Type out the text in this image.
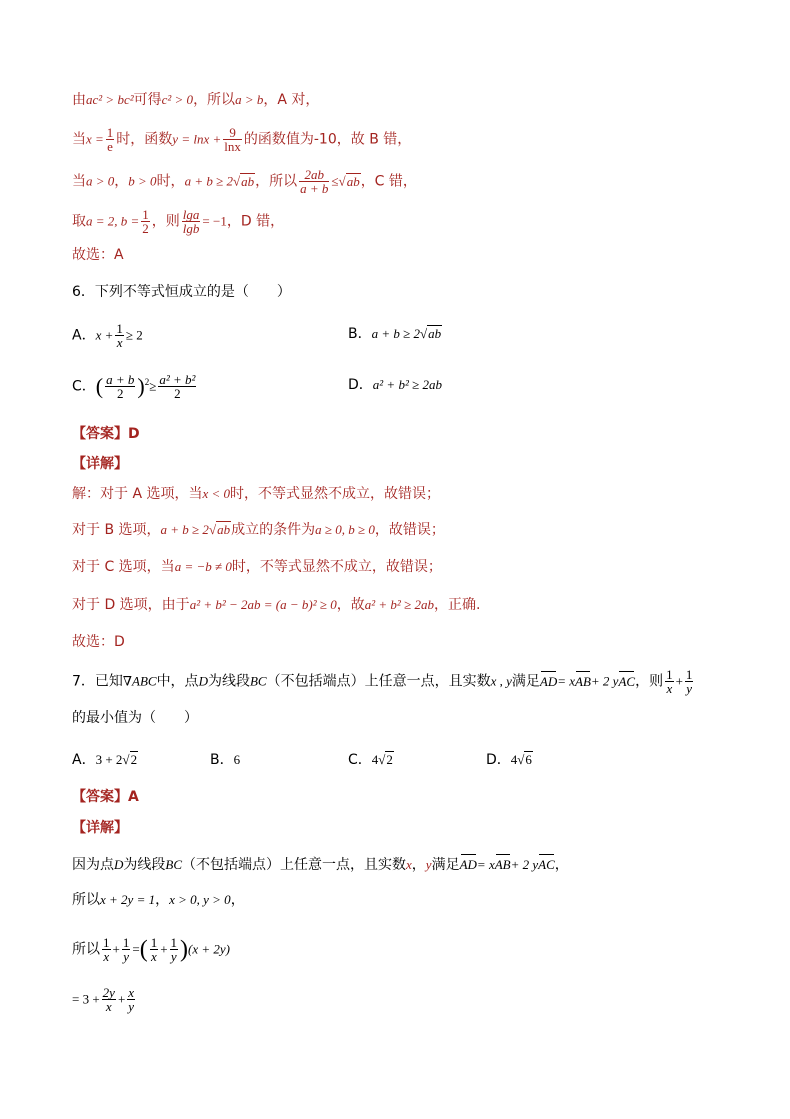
由ac² > bc²可得c² > 0，所以a > b，A 对，
当$x = \frac{1}{e}$ 时，函数$y = \ln x + \frac{9}{\ln x}$ 的函数值为-10，故 B 错，
当a > 0，b > 0时，a + b ≥ 2√ab，所以 $\frac{2ab}{a + b} \le√ab$，C 错，
取a = 2, $b = \frac{1}{2}$ ，则 $\frac{\lg a}{\lg b} = -1$，D 错，
故选：A
6．下列不等式恒成立的是（　　）
A．$x + \frac{1}{x} \ge 2$	B．a + b ≥ 2√ab
C．( $\frac{a + b}{2} )^2\ge \frac{\text{a² + b²}}{2}$	D．a² + b² ≥ 2ab
【答案】D
【详解】
解：对于 A 选项，当x < 0时，不等式显然不成立，故错误；
对于 B 选项，a + b ≥ 2√ab成立的条件为a ≥ 0, b ≥ 0，故错误；
对于 C 选项，当a = −b ≠ 0时，不等式显然不成立，故错误；
对于 D 选项，由于a² + b² − 2ab = (a − b)² ≥ 0，故a² + b² ≥ 2ab，正确.
故选：D
7．已知∇ABC中，点D为线段BC（不包括端点）上任意一点，且实数x , y满足AD= xAB+ 2 yAC，则 $\frac{1}{x} + \frac{1}{y}$
的最小值为（　　）
A．3 + 2√2	B．6	C．4√2	D．4√6
【答案】A
【详解】
因为点D为线段BC（不包括端点）上任意一点，且实数x，y满足AD= xAB+ 2 yAC，
所以x + 2y = 1，x > 0, y > 0，
所以 $\frac{1}{x} + \frac{1}{y}$ =( $\frac{1}{x} + \frac{1}{y} )(x + 2y)$
= $3 + \frac{2y}{x} + \frac{x}{y}$
